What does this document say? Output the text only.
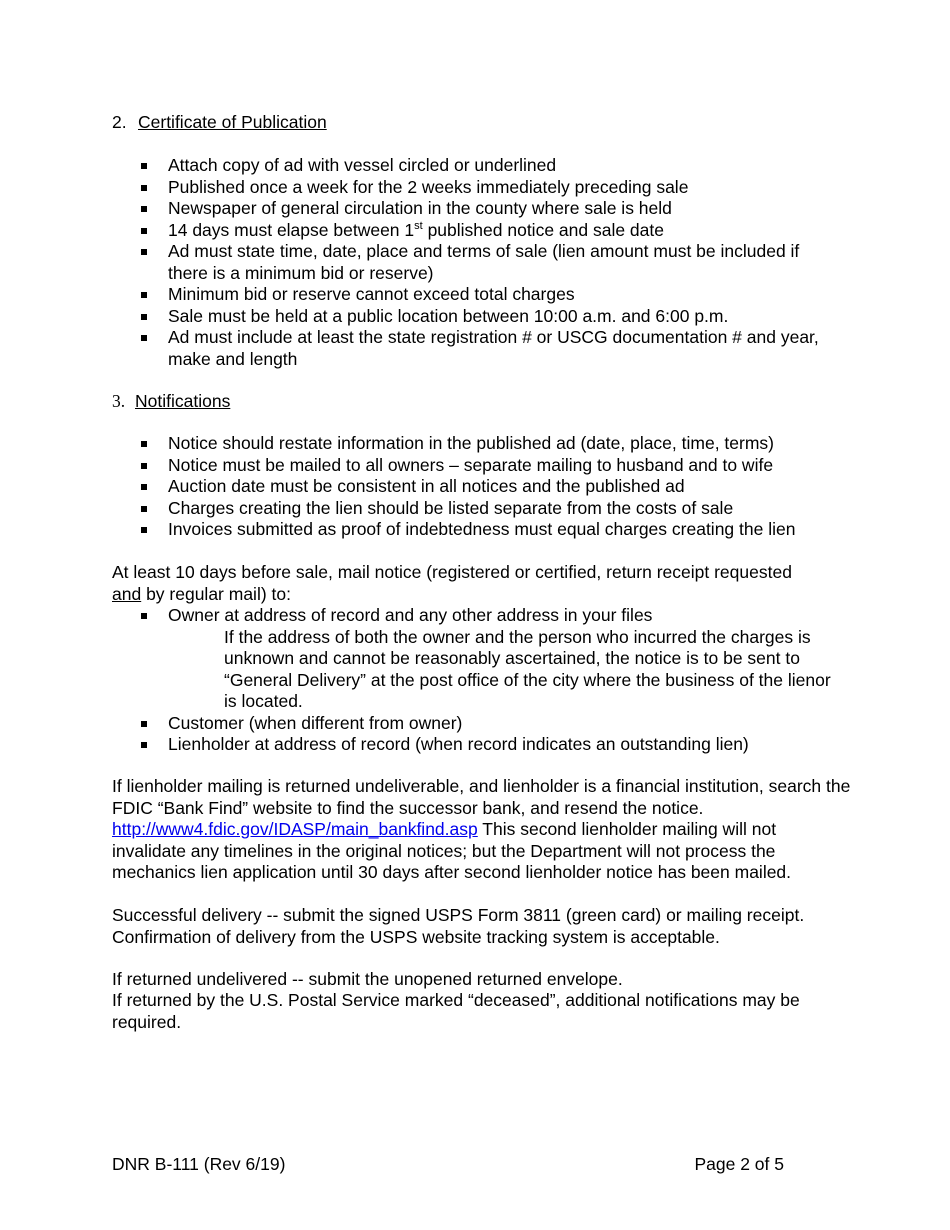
2. Certificate of Publication
Attach copy of ad with vessel circled or underlined
Published once a week for the 2 weeks immediately preceding sale
Newspaper of general circulation in the county where sale is held
14 days must elapse between 1st published notice and sale date
Ad must state time, date, place and terms of sale (lien amount must be included if there is a minimum bid or reserve)
Minimum bid or reserve cannot exceed total charges
Sale must be held at a public location between 10:00 a.m. and 6:00 p.m.
Ad must include at least the state registration # or USCG documentation # and year, make and length
3. Notifications
Notice should restate information in the published ad (date, place, time, terms)
Notice must be mailed to all owners – separate mailing to husband and to wife
Auction date must be consistent in all notices and the published ad
Charges creating the lien should be listed separate from the costs of sale
Invoices submitted as proof of indebtedness must equal charges creating the lien
At least 10 days before sale, mail notice (registered or certified, return receipt requested
and by regular mail) to:
Owner at address of record and any other address in your files
If the address of both the owner and the person who incurred the charges is unknown and cannot be reasonably ascertained, the notice is to be sent to “General Delivery” at the post office of the city where the business of the lienor is located.
Customer (when different from owner)
Lienholder at address of record (when record indicates an outstanding lien)
If lienholder mailing is returned undeliverable, and lienholder is a financial institution, search the FDIC “Bank Find” website to find the successor bank, and resend the notice. http://www4.fdic.gov/IDASP/main_bankfind.asp This second lienholder mailing will not invalidate any timelines in the original notices; but the Department will not process the mechanics lien application until 30 days after second lienholder notice has been mailed.
Successful delivery -- submit the signed USPS Form 3811 (green card) or mailing receipt. Confirmation of delivery from the USPS website tracking system is acceptable.
If returned undelivered -- submit the unopened returned envelope.
If returned by the U.S. Postal Service marked “deceased”, additional notifications may be required.
DNR B-111 (Rev 6/19)	Page 2 of 5
